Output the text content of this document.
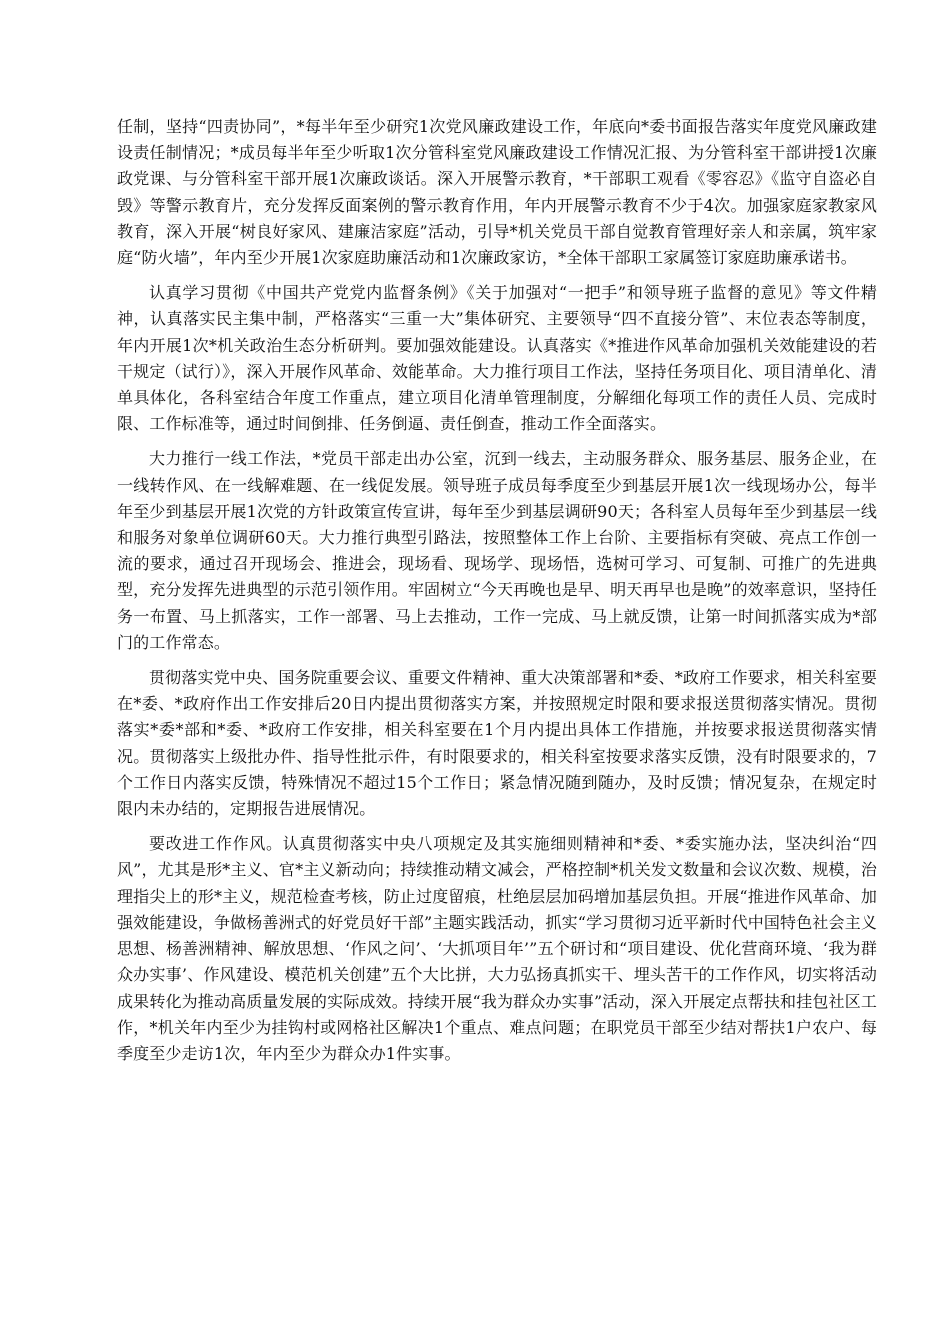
任制，坚持“四责协同”，*每半年至少研究1次党风廉政建设工作，年底向*委书面报告落实年度党风廉政建设责任制情况；*成员每半年至少听取1次分管科室党风廉政建设工作情况汇报、为分管科室干部讲授1次廉政党课、与分管科室干部开展1次廉政谈话。深入开展警示教育，*干部职工观看《零容忍》《监守自盗必自毁》等警示教育片，充分发挥反面案例的警示教育作用，年内开展警示教育不少于4次。加强家庭家教家风教育，深入开展“树良好家风、建廉洁家庭”活动，引导*机关党员干部自觉教育管理好亲人和亲属，筑牢家庭“防火墙”，年内至少开展1次家庭助廉活动和1次廉政家访，*全体干部职工家属签订家庭助廉承诺书。

认真学习贯彻《中国共产党党内监督条例》《关于加强对“一把手”和领导班子监督的意见》等文件精神，认真落实民主集中制，严格落实“三重一大”集体研究、主要领导“四不直接分管”、末位表态等制度，年内开展1次*机关政治生态分析研判。要加强效能建设。认真落实《*推进作风革命加强机关效能建设的若干规定（试行）》，深入开展作风革命、效能革命。大力推行项目工作法，坚持任务项目化、项目清单化、清单具体化，各科室结合年度工作重点，建立项目化清单管理制度，分解细化每项工作的责任人员、完成时限、工作标准等，通过时间倒排、任务倒逼、责任倒查，推动工作全面落实。

大力推行一线工作法，*党员干部走出办公室，沉到一线去，主动服务群众、服务基层、服务企业，在一线转作风、在一线解难题、在一线促发展。领导班子成员每季度至少到基层开展1次一线现场办公，每半年至少到基层开展1次党的方针政策宣传宣讲，每年至少到基层调研90天；各科室人员每年至少到基层一线和服务对象单位调研60天。大力推行典型引路法，按照整体工作上台阶、主要指标有突破、亮点工作创一流的要求，通过召开现场会、推进会，现场看、现场学、现场悟，选树可学习、可复制、可推广的先进典型，充分发挥先进典型的示范引领作用。牢固树立“今天再晚也是早、明天再早也是晚”的效率意识，坚持任务一布置、马上抓落实，工作一部署、马上去推动，工作一完成、马上就反馈，让第一时间抓落实成为*部门的工作常态。

贯彻落实党中央、国务院重要会议、重要文件精神、重大决策部署和*委、*政府工作要求，相关科室要在*委、*政府作出工作安排后20日内提出贯彻落实方案，并按照规定时限和要求报送贯彻落实情况。贯彻落实*委*部和*委、*政府工作安排，相关科室要在1个月内提出具体工作措施，并按要求报送贯彻落实情况。贯彻落实上级批办件、指导性批示件，有时限要求的，相关科室按要求落实反馈，没有时限要求的，7个工作日内落实反馈，特殊情况不超过15个工作日；紧急情况随到随办，及时反馈；情况复杂，在规定时限内未办结的，定期报告进展情况。

要改进工作作风。认真贯彻落实中央八项规定及其实施细则精神和*委、*委实施办法，坚决纠治“四风”，尤其是形*主义、官*主义新动向；持续推动精文减会，严格控制*机关发文数量和会议次数、规模，治理指尖上的形*主义，规范检查考核，防止过度留痕，杜绝层层加码增加基层负担。开展“推进作风革命、加强效能建设，争做杨善洲式的好党员好干部”主题实践活动，抓实“学习贯彻习近平新时代中国特色社会主义思想、杨善洲精神、解放思想、‘作风之问’、‘大抓项目年’”五个研讨和“项目建设、优化营商环境、‘我为群众办实事’、作风建设、模范机关创建”五个大比拼，大力弘扬真抓实干、埋头苦干的工作作风，切实将活动成果转化为推动高质量发展的实际成效。持续开展“我为群众办实事”活动，深入开展定点帮扶和挂包社区工作，*机关年内至少为挂钩村或网格社区解决1个重点、难点问题；在职党员干部至少结对帮扶1户农户、每季度至少走访1次，年内至少为群众办1件实事。
